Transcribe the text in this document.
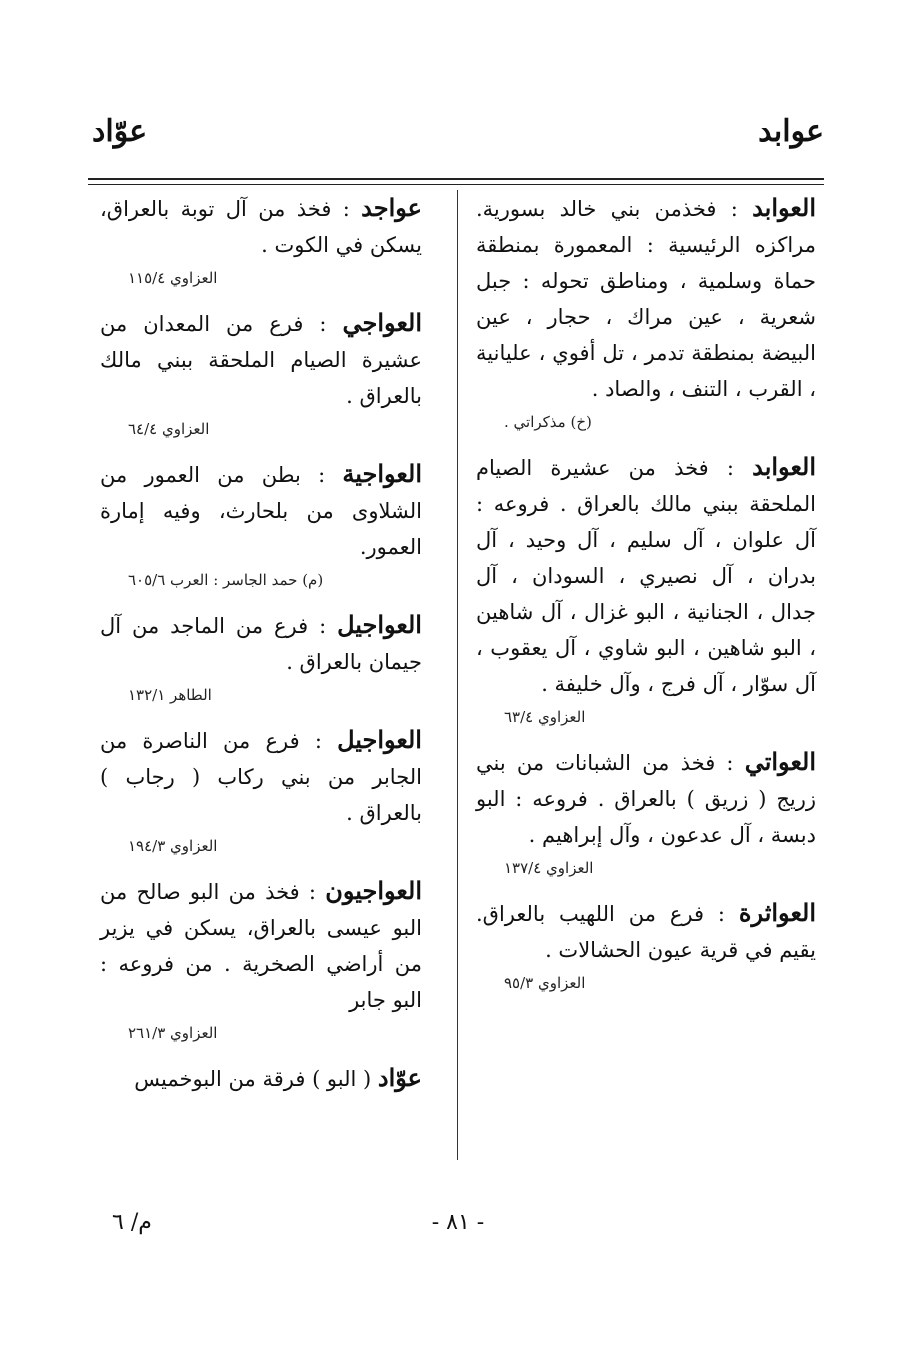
عوابد
عوّاد

العوابد : فخذمن بني خالد بسورية. مراكزه الرئيسية : المعمورة بمنطقة حماة وسلمية ، ومناطق تحوله : جبل شعرية ، عين مراك ، حجار ، عين البيضة بمنطقة تدمر ، تل أفوي ، عليانية ، القرب ، التنف ، والصاد .

(خ) مذكراتي .

العوابد : فخذ من عشيرة الصيام الملحقة ببني مالك بالعراق . فروعه : آل علوان ، آل سليم ، آل وحيد ، آل بدران ، آل نصيري ، السودان ، آل جدال ، الجنانية ، البو غزال ، آل شاهين ، البو شاهين ، البو شاوي ، آل يعقوب ، آل سوّار ، آل فرج ، وآل خليفة .

العزاوي ٦٣/٤

العواتي : فخذ من الشبانات من بني زريج ( زريق ) بالعراق . فروعه : البو دبسة ، آل عدعون ، وآل إبراهيم .

العزاوي ١٣٧/٤

العواثرة : فرع من اللهيب بالعراق. يقيم في قرية عيون الحشالات .

العزاوي ٩٥/٣

عواجد : فخذ من آل توبة بالعراق، يسكن في الكوت .

العزاوي ١١٥/٤

العواجي : فرع من المعدان من عشيرة الصيام الملحقة ببني مالك بالعراق .

العزاوي ٦٤/٤

العواجية : بطن من العمور من الشلاوى من بلحارث، وفيه إمارة العمور.

(م) حمد الجاسر : العرب ٦٠٥/٦

العواجيل : فرع من الماجد من آل جيمان بالعراق .

الطاهر ١٣٢/١

العواجيل : فرع من الناصرة من الجابر من بني ركاب ( رجاب ) بالعراق .

العزاوي ١٩٤/٣

العواجيون : فخذ من البو صالح من البو عيسى بالعراق، يسكن في يزير من أراضي الصخرية . من فروعه : البو جابر

العزاوي ٢٦١/٣

عوّاد ( البو ) فرقة من البوخميس

- ٨١ -
م/ ٦
